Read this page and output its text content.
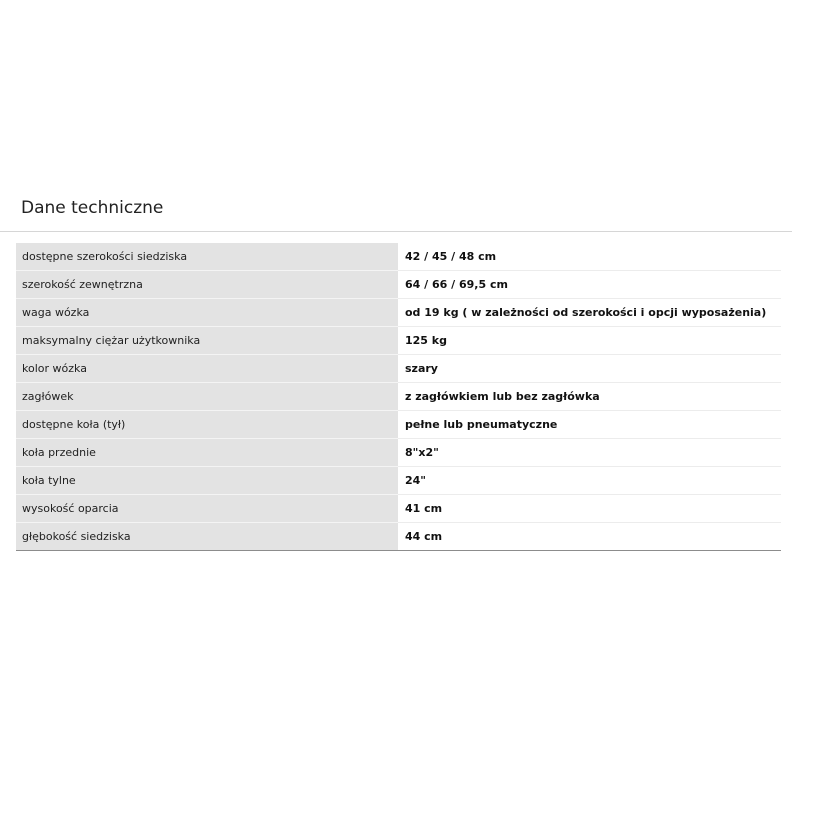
Dane techniczne
dostępne szerokości siedziska	42 / 45 / 48 cm
szerokość zewnętrzna	64 / 66 / 69,5 cm
waga wózka	od 19 kg ( w zależności od szerokości i opcji wyposażenia)
maksymalny ciężar użytkownika	125 kg
kolor wózka	szary
zagłówek	z zagłówkiem lub bez zagłówka
dostępne koła (tył)	pełne lub pneumatyczne
koła przednie	8"x2"
koła tylne	24"
wysokość oparcia	41 cm
głębokość siedziska	44 cm
